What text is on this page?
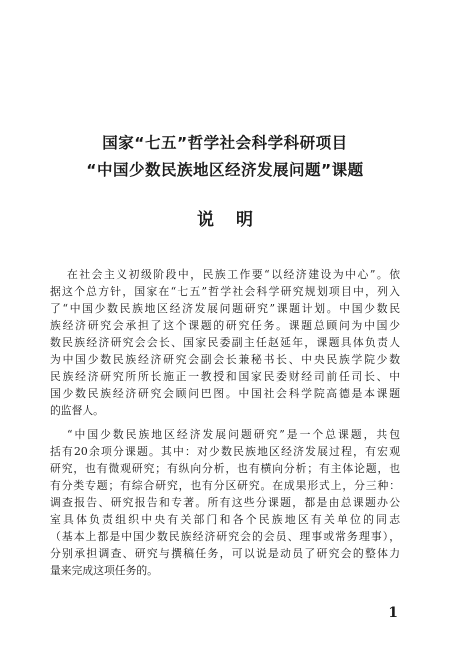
国家“七五”哲学社会科学科研项目
“中国少数民族地区经济发展问题”课题
说明
在社会主义初级阶段中，民族工作要“以经济建设为中心”。依
据这个总方针，国家在“七五”哲学社会科学研究规划项目中，列入
了“中国少数民族地区经济发展问题研究”课题计划。中国少数民
族经济研究会承担了这个课题的研究任务。课题总顾问为中国少
数民族经济研究会会长、国家民委副主任赵延年，课题具体负责人
为中国少数民族经济研究会副会长兼秘书长、中央民族学院少数
民族经济研究所所长施正一教授和国家民委财经司前任司长、中
国少数民族经济研究会顾问巴图。中国社会科学院高德是本课题
的监督人。
“中国少数民族地区经济发展问题研究”是一个总课题，共包
括有20余项分课题。其中：对少数民族地区经济发展过程，有宏观
研究，也有微观研究；有纵向分析，也有横向分析；有主体论题，也
有分类专题；有综合研究，也有分区研究。在成果形式上，分三种：
调查报告、研究报告和专著。所有这些分课题，都是由总课题办公
室具体负责组织中央有关部门和各个民族地区有关单位的同志
（基本上都是中国少数民族经济研究会的会员、理事或常务理事），
分别承担调查、研究与撰稿任务，可以说是动员了研究会的整体力
量来完成这项任务的。
1
